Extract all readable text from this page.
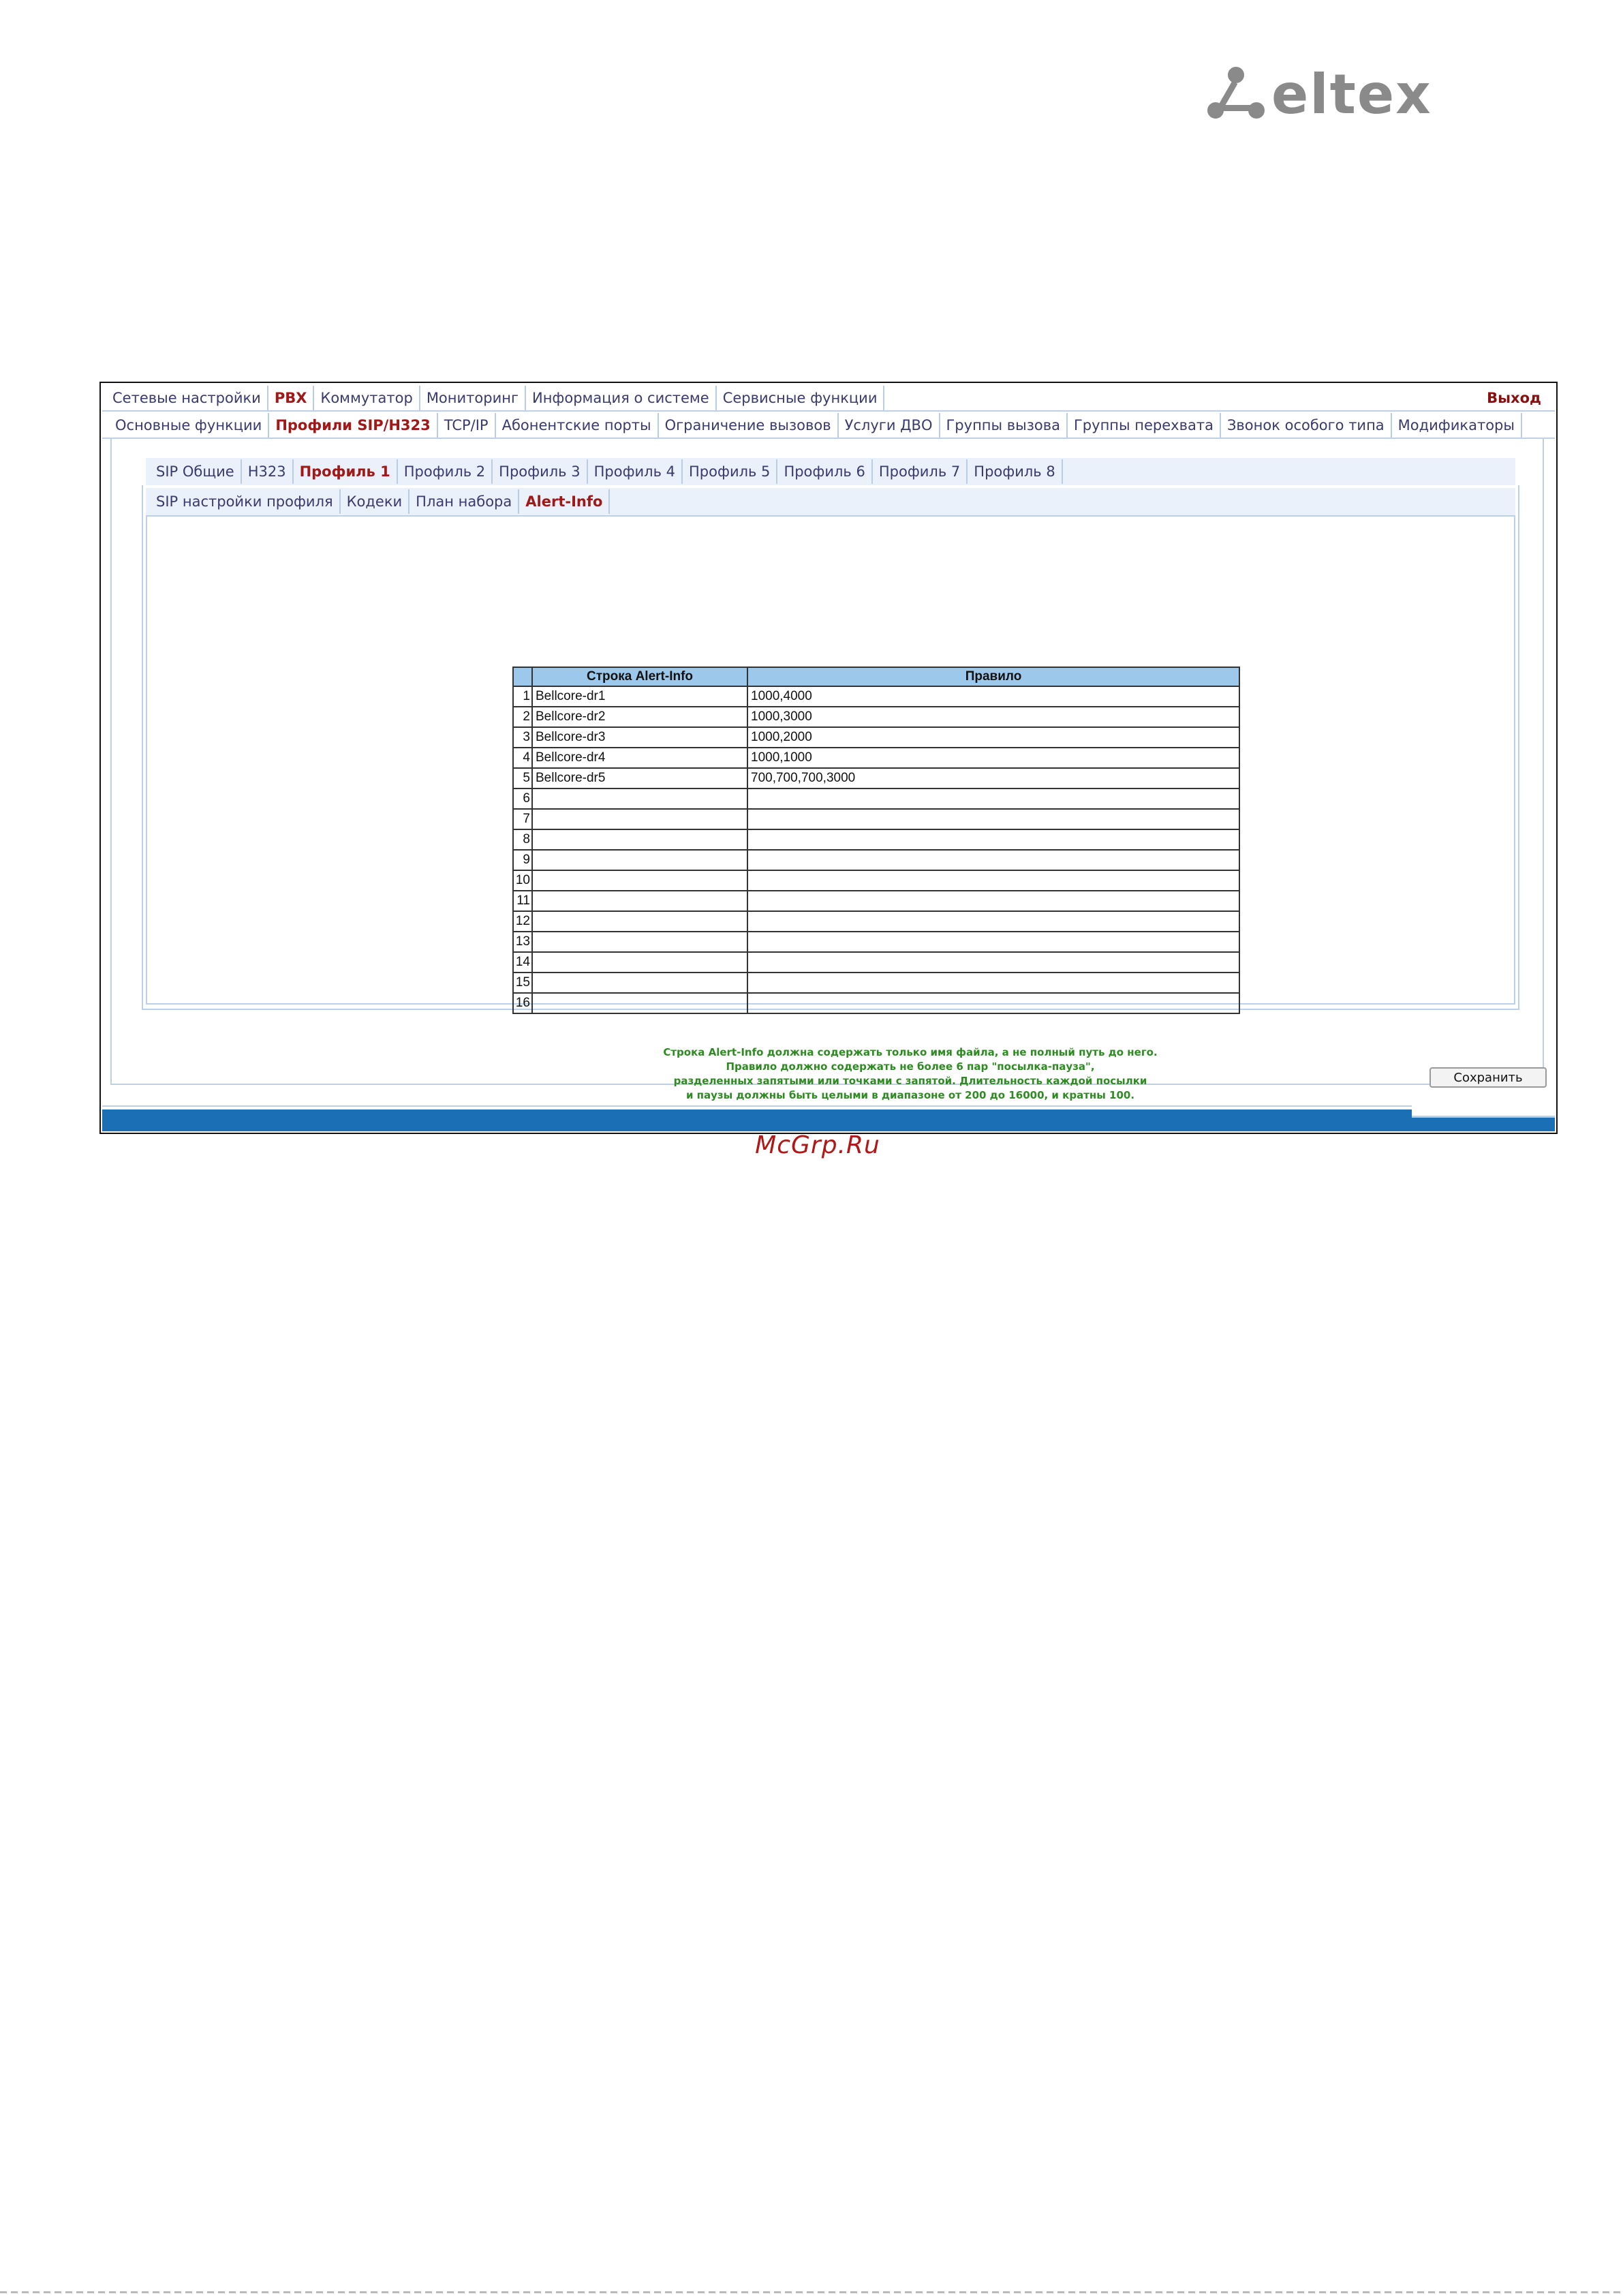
eltex
Сетевые настройки PBX Коммутатор Мониторинг Информация о системе Сервисные функции	Выход
Основные функции Профили SIP/H323 TCP/IP Абонентские порты Ограничение вызовов Услуги ДВО Группы вызова Группы перехвата Звонок особого типа Модификаторы
SIP Общие H323 Профиль 1 Профиль 2 Профиль 3 Профиль 4 Профиль 5 Профиль 6 Профиль 7 Профиль 8
SIP настройки профиля Кодеки План набора Alert-Info
	Строка Alert-Info	Правило
1	Bellcore-dr1	1000,4000
2	Bellcore-dr2	1000,3000
3	Bellcore-dr3	1000,2000
4	Bellcore-dr4	1000,1000
5	Bellcore-dr5	700,700,700,3000
6		
7		
8		
9		
10		
11		
12		
13		
14		
15		
16		
Строка Alert-Info должна содержать только имя файла, а не полный путь до него.
Правило должно содержать не более 6 пар "посылка-пауза",
разделенных запятыми или точками с запятой. Длительность каждой посылки
и паузы должны быть целыми в диапазоне от 200 до 16000, и кратны 100.
Сохранить
McGrp.Ru
